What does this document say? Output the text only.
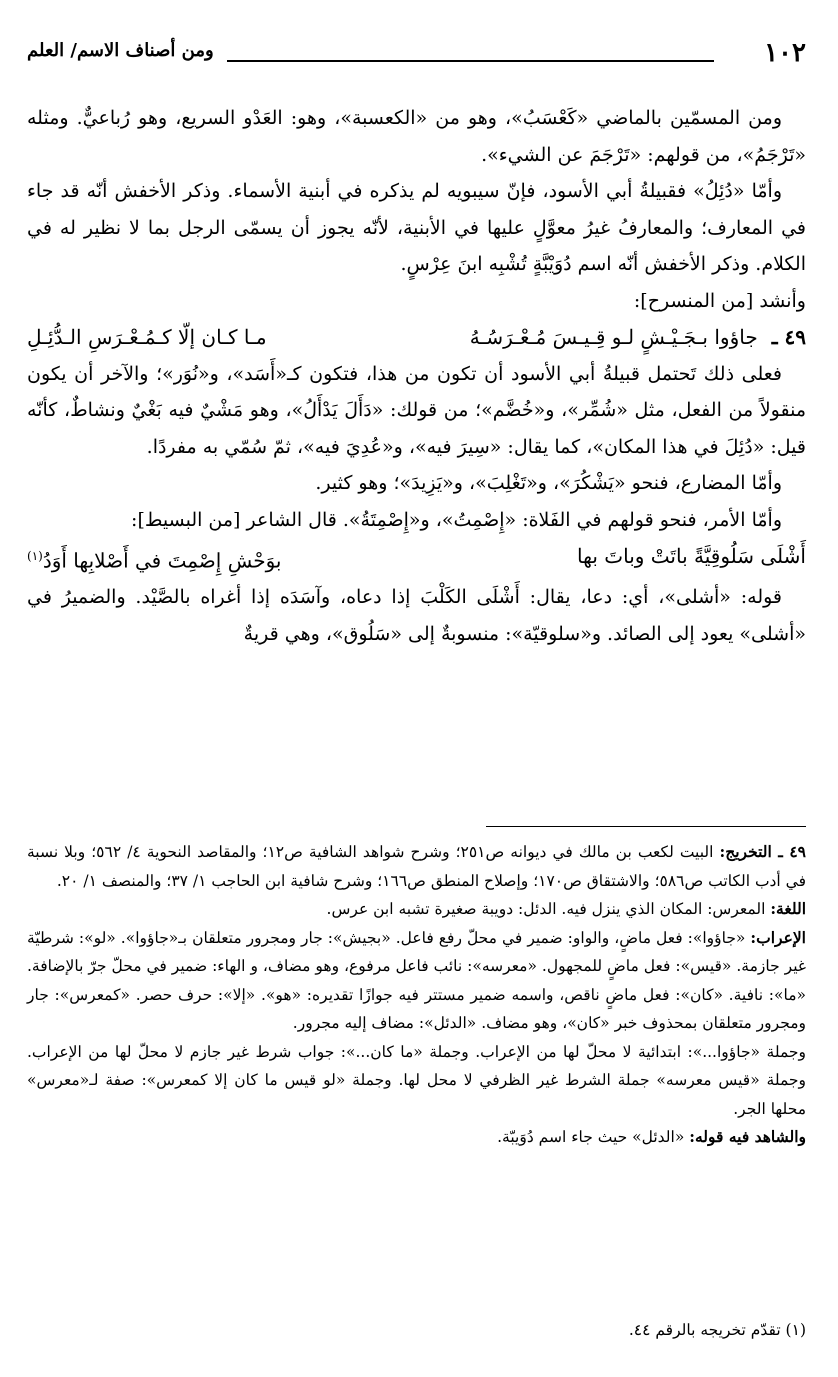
١٠٢
ومن أصناف الاسم/ العلم

ومن المسمّين بالماضي «كَعْسَبُ»، وهو من «الكعسبة»، وهو: العَدْو السريع، وهو رُباعيٌّ. ومثله «تَرْجَمُ»، من قولهم: «تَرْجَمَ عن الشيء».

وأمّا «دُئِلُ» فقبيلةُ أبي الأسود، فإنّ سيبويه لم يذكره في أبنية الأسماء. وذكر الأخفش أنّه قد جاء في المعارف؛ والمعارفُ غيرُ معوَّلٍ عليها في الأبنية، لأنّه يجوز أن يسمّى الرجل بما لا نظير له في الكلام. وذكر الأخفش أنّه اسم دُوَيْبَّةٍ تُشْبِه ابنَ عِرْسٍ.

وأنشد [من المنسرح]:

٤٩ ـ
جاؤوا بـجَـيْـشٍ لـو قِـيـسَ مُـعْـرَسُـهُ
مـا كـان إلّا كـمُـعْـرَسِ الـدُّئِـلِ

فعلى ذلك تَحتمل قبيلةُ أبي الأسود أن تكون من هذا، فتكون كـ«أَسَد»، و«نُوَر»؛ والآخر أن يكون منقولاً من الفعل، مثل «شُمِّر»، و«خُضَّم»؛ من قولك: «دَأَلَ يَدْأَلُ»، وهو مَشْيٌ فيه بَغْيٌ ونشاطٌ، كأنّه قيل: «دُئِلَ في هذا المكان»، كما يقال: «سِيرَ فيه»، و«عُدِيَ فيه»، ثمّ سُمّي به مفردًا.

وأمّا المضارع، فنحو «يَشْكُرَ»، و«تَغْلِبَ»، و«يَزِيدَ»؛ وهو كثير.

وأمّا الأمر، فنحو قولهم في الفَلاة: «إِصْمِتُ»، و«إِصْمِتَةُ». قال الشاعر [من البسيط]:

أَشْلَى سَلُوقِيَّةً باتَتْ وباتَ بها
بوَحْشِ إِصْمِتَ في أَصْلابِها أَوَدُ$^{(١)}$

قوله: «أشلى»، أي: دعا، يقال: أَشْلَى الكَلْبَ إذا دعاه، وآسَدَه إذا أغراه بالصَّيْد. والضميرُ في «أشلى» يعود إلى الصائد. و«سلوقيّة»: منسوبةٌ إلى «سَلُوق»، وهي قريةٌ

٤٩ ـ التخريج: البيت لكعب بن مالك في ديوانه ص٢٥١؛ وشرح شواهد الشافية ص١٢؛ والمقاصد النحوية ٤/ ٥٦٢؛ وبلا نسبة في أدب الكاتب ص٥٨٦؛ والاشتقاق ص١٧٠؛ وإصلاح المنطق ص١٦٦؛ وشرح شافية ابن الحاجب ١/ ٣٧؛ والمنصف ١/ ٢٠.

اللغة: المعرس: المكان الذي ينزل فيه. الدئل: دويبة صغيرة تشبه ابن عرس.

الإعراب: «جاؤوا»: فعل ماضٍ، والواو: ضمير في محلّ رفع فاعل. «بجيش»: جار ومجرور متعلقان بـ«جاؤوا». «لو»: شرطيّة غير جازمة. «قيس»: فعل ماضٍ للمجهول. «معرسه»: نائب فاعل مرفوع، وهو مضاف، و الهاء: ضمير في محلّ جرّ بالإضافة. «ما»: نافية. «كان»: فعل ماضٍ ناقص، واسمه ضمير مستتر فيه جوازًا تقديره: «هو». «إلا»: حرف حصر. «كمعرس»: جار ومجرور متعلقان بمحذوف خبر «كان»، وهو مضاف. «الدئل»: مضاف إليه مجرور.

وجملة «جاؤوا...»: ابتدائية لا محلّ لها من الإعراب. وجملة «ما كان...»: جواب شرط غير جازم لا محلّ لها من الإعراب. وجملة «قيس معرسه» جملة الشرط غير الظرفي لا محل لها. وجملة «لو قيس ما كان إلا كمعرس»: صفة لـ«معرس» محلها الجر.

والشاهد فيه قوله: «الدئل» حيث جاء اسم دُوَيبّة.

(١) تقدّم تخريجه بالرقم ٤٤.
